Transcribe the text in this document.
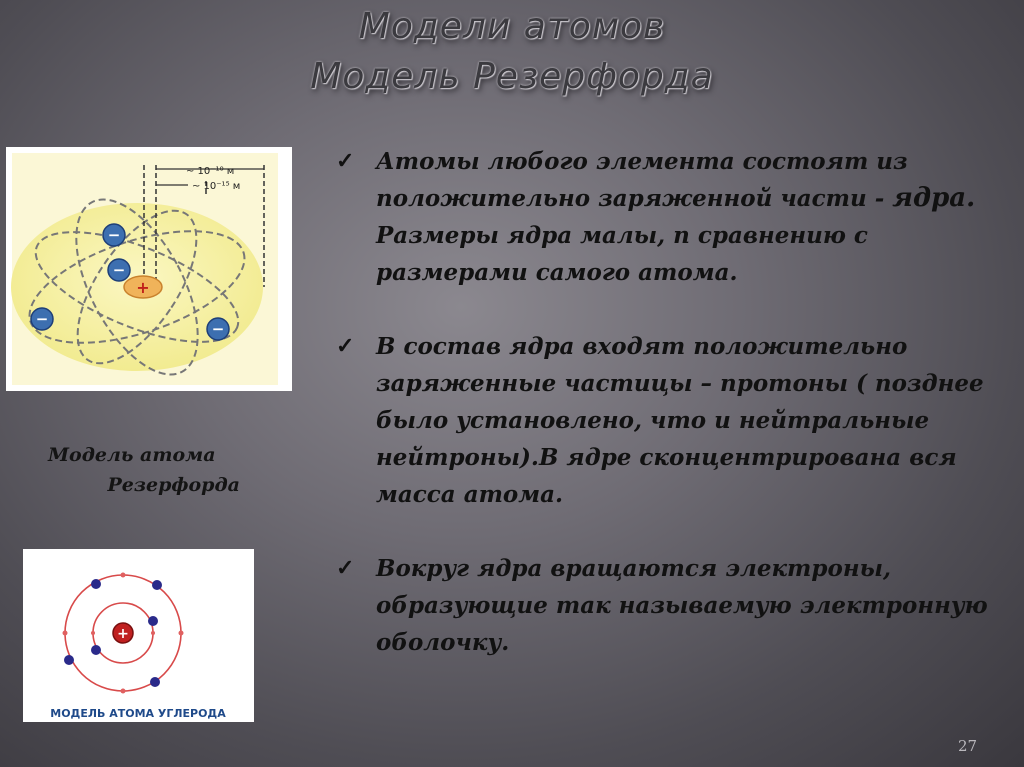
Модели атомов
Модель Резерфорда
~ 10⁻¹⁰ м
~ 10⁻¹⁵ м
+
−
−
−
−
Модель атома
Резерфорда
+
МОДЕЛЬ АТОМА УГЛЕРОДА
✓ Атомы любого элемента состоят из положительно заряженной части - ядра. Размеры ядра малы, п сравнению с размерами самого атома.
✓ В состав ядра входят положительно заряженные частицы – протоны ( позднее было установлено, что и нейтральные нейтроны).В ядре сконцентрирована вся масса атома.
✓ Вокруг ядра вращаются электроны, образующие так называемую электронную оболочку.
27
